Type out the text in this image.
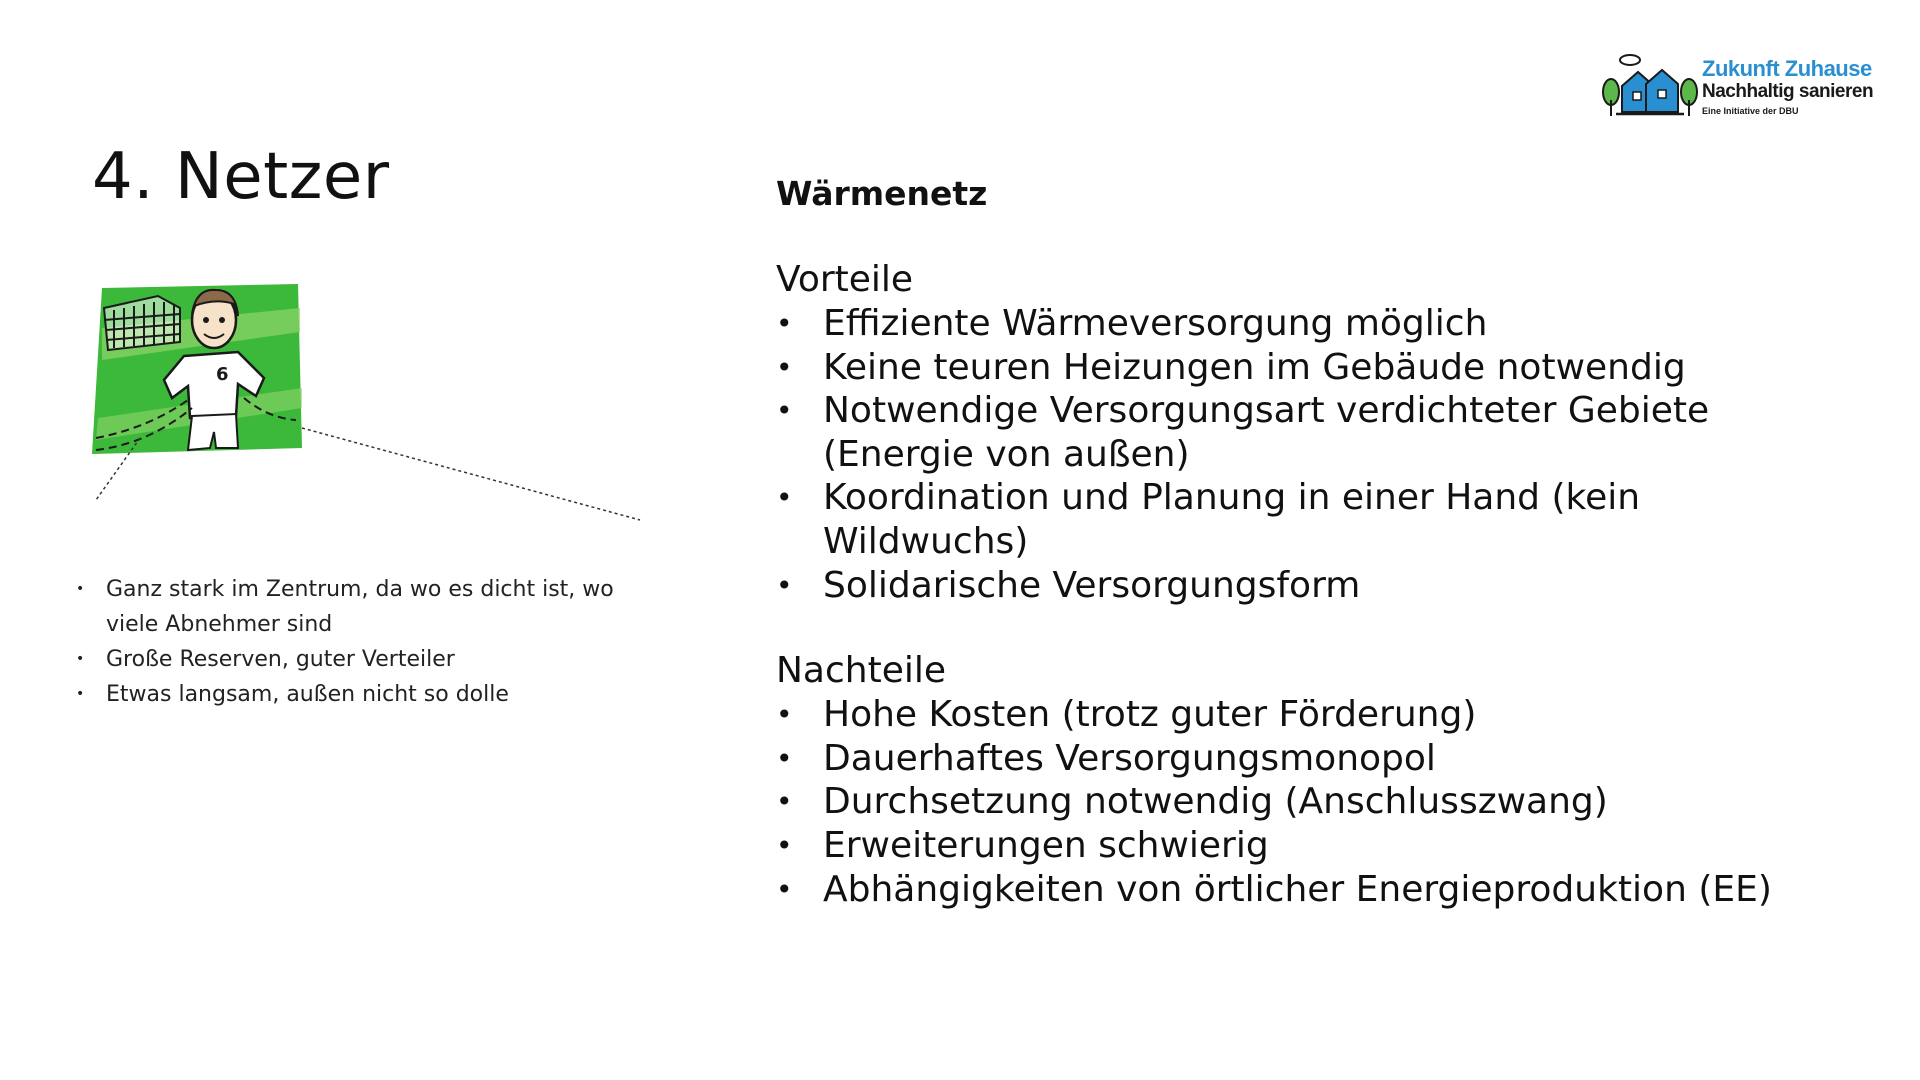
Zukunft Zuhause
Nachhaltig sanieren
Eine Initiative der DBU
4. Netzer
6
• Ganz stark im Zentrum, da wo es dicht ist, wo viele Abnehmer sind
• Große Reserven, guter Verteiler
• Etwas langsam, außen nicht so dolle

Wärmenetz

Vorteile

• Effiziente Wärmeversorgung möglich
• Keine teuren Heizungen im Gebäude notwendig
• Notwendige Versorgungsart verdichteter Gebiete (Energie von außen)
• Koordination und Planung in einer Hand (kein Wildwuchs)
• Solidarische Versorgungsform

Nachteile

• Hohe Kosten (trotz guter Förderung)
• Dauerhaftes Versorgungsmonopol
• Durchsetzung notwendig (Anschlusszwang)
• Erweiterungen schwierig
• Abhängigkeiten von örtlicher Energieproduktion (EE)
